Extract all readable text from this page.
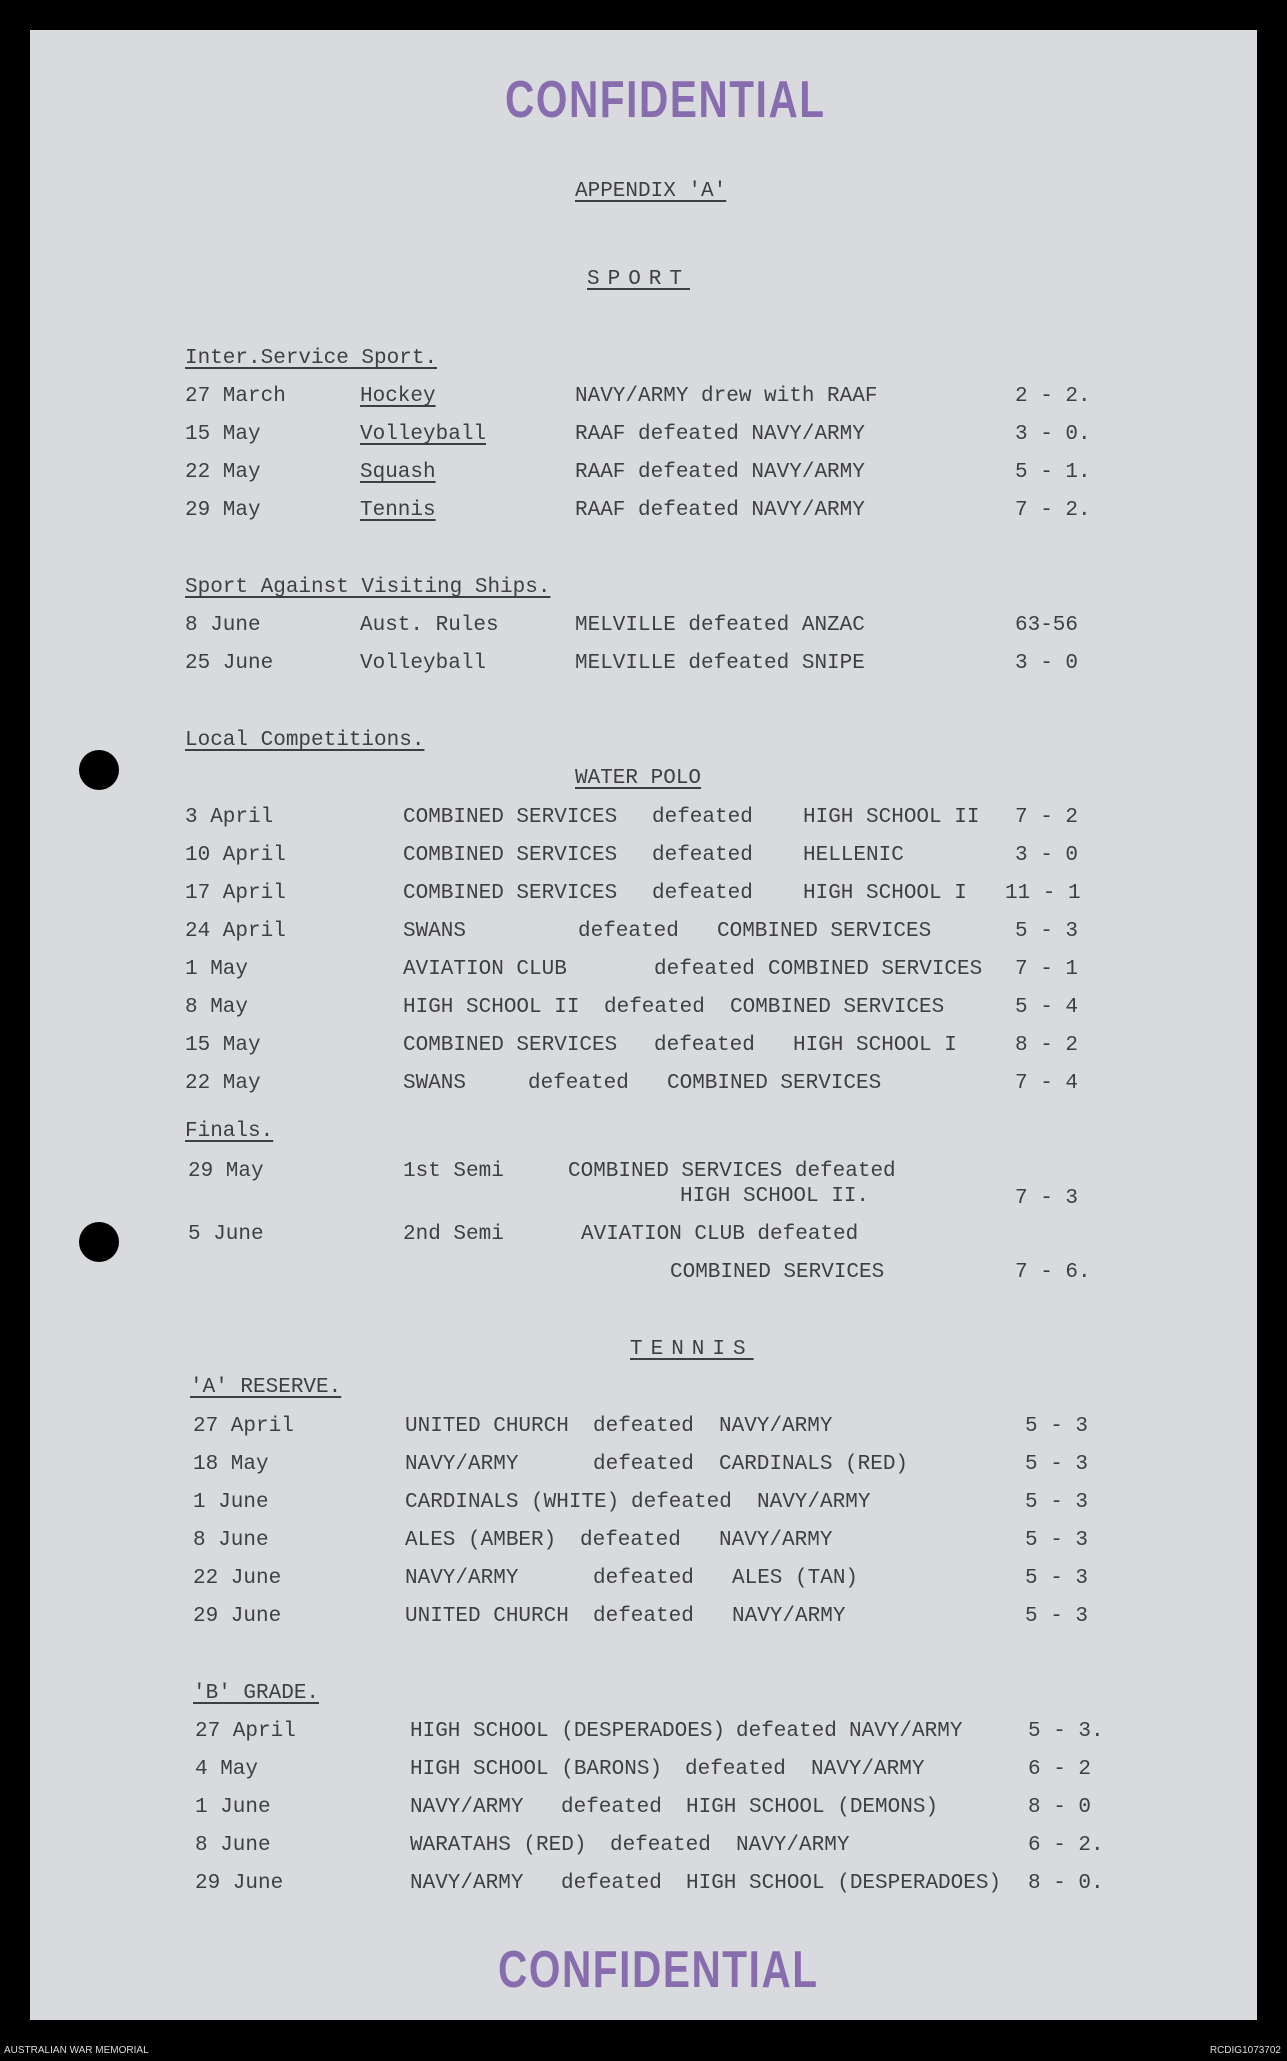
CONFIDENTIAL
APPENDIX 'A'
SPORT
Inter.Service Sport.
27 March	Hockey	NAVY/ARMY drew with RAAF	2 - 2.
15 May	Volleyball	RAAF defeated NAVY/ARMY	3 - 0.
22 May	Squash	RAAF defeated NAVY/ARMY	5 - 1.
29 May	Tennis	RAAF defeated NAVY/ARMY	7 - 2.
Sport Against Visiting Ships.
8 June	Aust. Rules	MELVILLE defeated ANZAC	63-56
25 June	Volleyball	MELVILLE defeated SNIPE	3 - 0
Local Competitions.
WATER POLO
3 April	COMBINED SERVICES defeated HIGH SCHOOL II 7 - 2
10 April	COMBINED SERVICES defeated HELLENIC	3 - 0
17 April	COMBINED SERVICES defeated HIGH SCHOOL I 11 - 1
24 April	SWANS	defeated COMBINED SERVICES	5 - 3
1 May	AVIATION CLUB	defeated COMBINED SERVICES 7 - 1
8 May	HIGH SCHOOL II defeated COMBINED SERVICES	5 - 4
15 May	COMBINED SERVICES defeated HIGH SCHOOL I	8 - 2
22 May	SWANS	defeated COMBINED SERVICES	7 - 4
Finals.
29 May	1st Semi	COMBINED SERVICES defeated
HIGH SCHOOL II.	7 - 3
5 June	2nd Semi	AVIATION CLUB defeated
COMBINED SERVICES	7 - 6.
TENNIS
'A' RESERVE.
27 April	UNITED CHURCH defeated NAVY/ARMY	5 - 3
18 May	NAVY/ARMY	defeated CARDINALS (RED)	5 - 3
1 June	CARDINALS (WHITE) defeated NAVY/ARMY	5 - 3
8 June	ALES (AMBER) defeated NAVY/ARMY	5 - 3
22 June	NAVY/ARMY	defeated ALES (TAN)	5 - 3
29 June	UNITED CHURCH defeated NAVY/ARMY	5 - 3
'B' GRADE.
27 April	HIGH SCHOOL (DESPERADOES) defeated NAVY/ARMY	5 - 3.
4 May	HIGH SCHOOL (BARONS) defeated NAVY/ARMY	6 - 2
1 June	NAVY/ARMY defeated HIGH SCHOOL (DEMONS)	8 - 0
8 June	WARATAHS (RED) defeated NAVY/ARMY	6 - 2.
29 June	NAVY/ARMY defeated HIGH SCHOOL (DESPERADOES) 8 - 0.
CONFIDENTIAL
AUSTRALIAN WAR MEMORIAL	RCDIG1073702
